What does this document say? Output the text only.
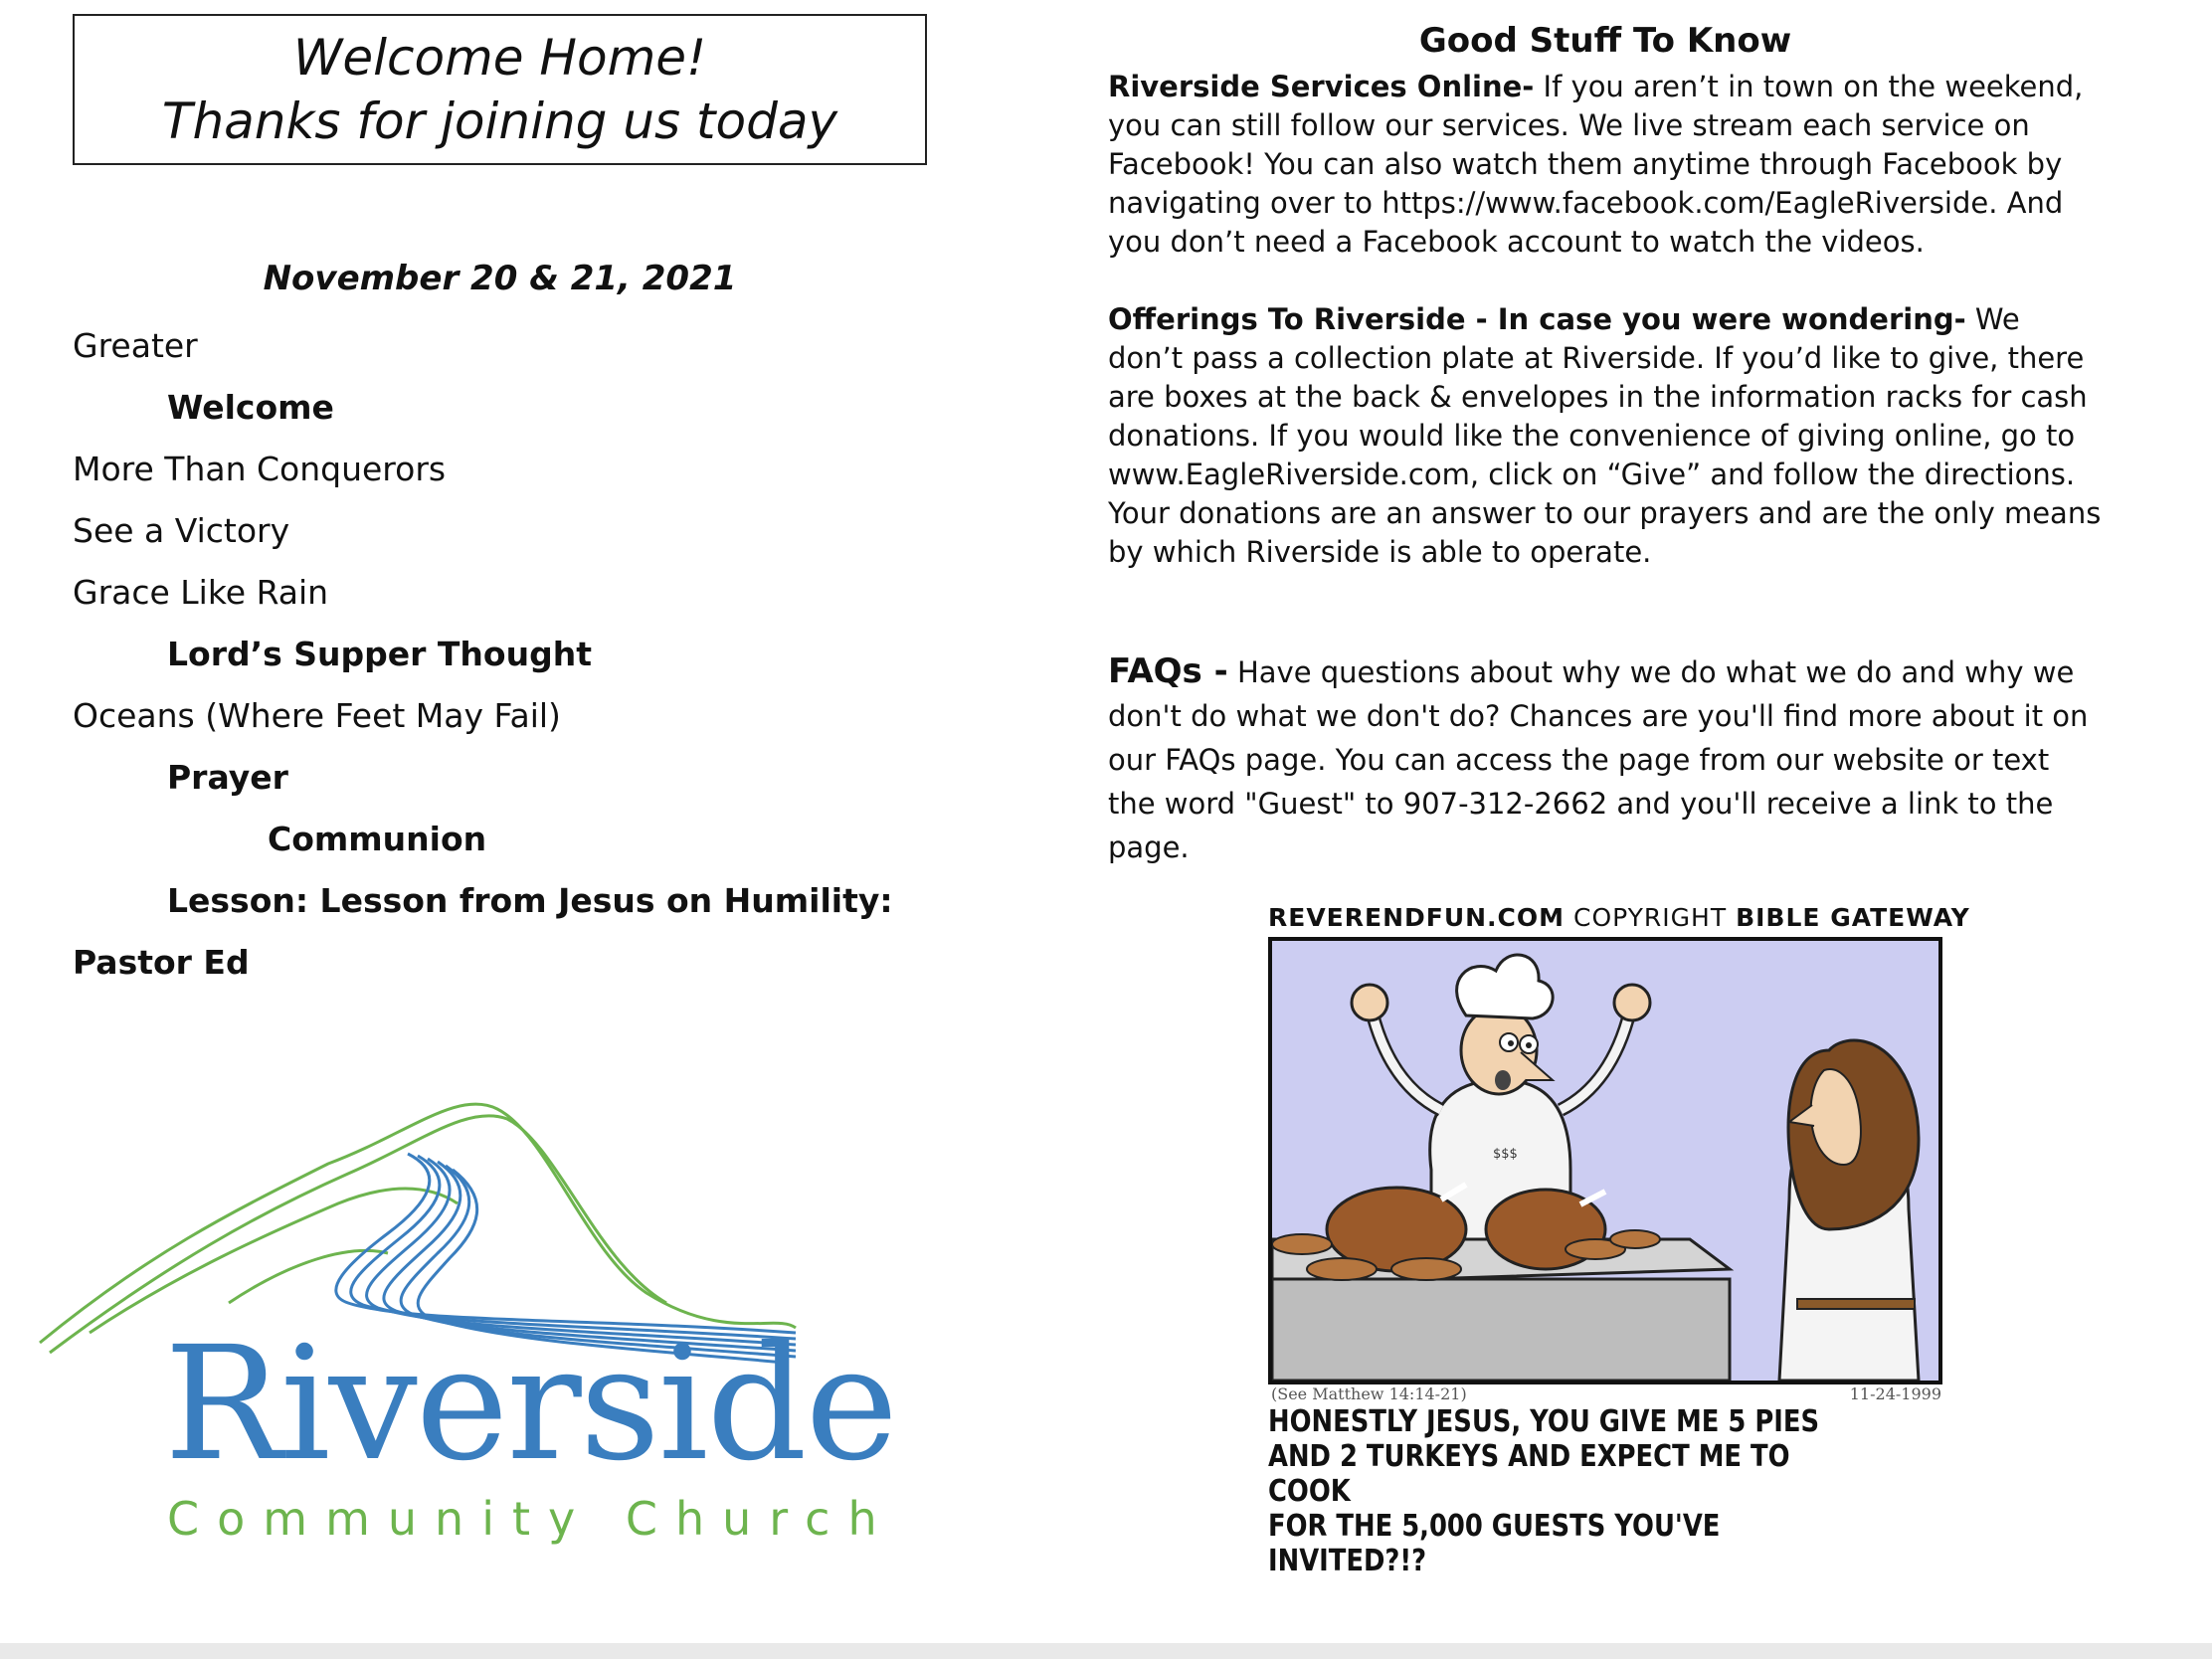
Welcome Home!
Thanks for joining us today
November 20 & 21, 2021
Greater
Welcome
More Than Conquerors
See a Victory
Grace Like Rain
Lord’s Supper Thought
Oceans (Where Feet May Fail)
Prayer
Communion
Lesson: Lesson from Jesus on Humility:
Pastor Ed
Riverside
Community Church
Good Stuff To Know

Riverside Services Online- If you aren’t in town on the weekend, you can still follow our services. We live stream each service on Facebook! You can also watch them anytime through Facebook by navigating over to https://www.facebook.com/EagleRiverside. And you don’t need a Facebook account to watch the videos.

Offerings To Riverside - In case you were wondering- We don’t pass a collection plate at Riverside. If you’d like to give, there are boxes at the back & envelopes in the information racks for cash donations. If you would like the convenience of giving online, go to www.EagleRiverside.com, click on “Give” and follow the directions. Your donations are an answer to our prayers and are the only means by which Riverside is able to operate.

FAQs - Have questions about why we do what we do and why we don't do what we don't do? Chances are you'll find more about it on our FAQs page. You can access the page from our website or text the word "Guest" to 907-312-2662 and you'll receive a link to the page.

REVERENDFUN.COM COPYRIGHT BIBLE GATEWAY
$$$
(See Matthew 14:14-21)	11-24-1999
HONESTLY JESUS, YOU GIVE ME 5 PIES
AND 2 TURKEYS AND EXPECT ME TO COOK
FOR THE 5,000 GUESTS YOU'VE
INVITED?!?
